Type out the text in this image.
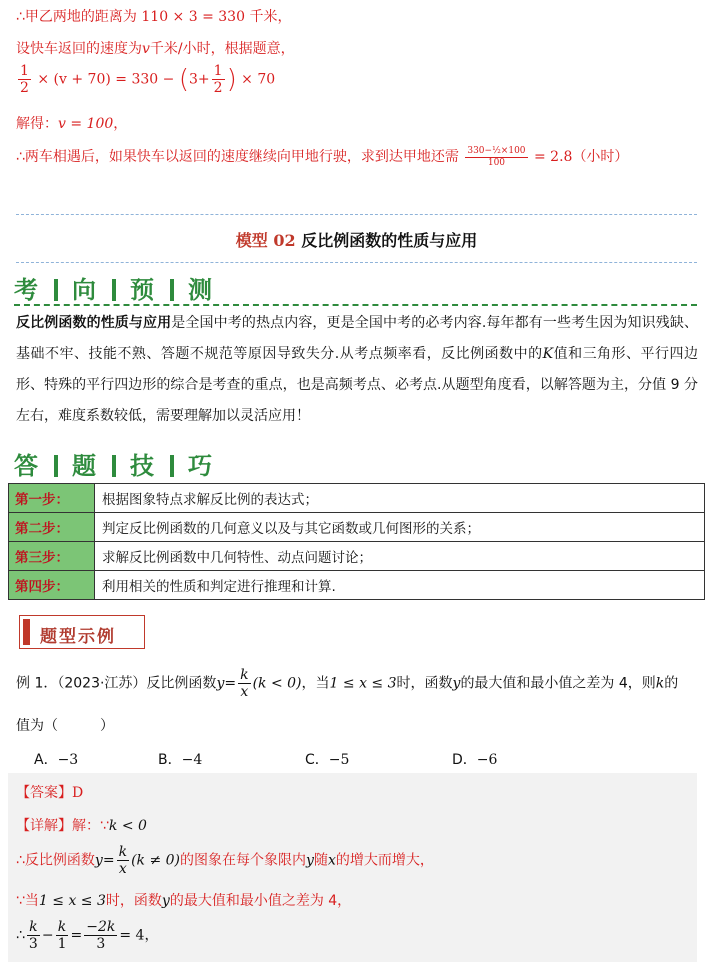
∴甲乙两地的距离为 110 × 3 = 330 千米，
设快车返回的速度为v千米/小时，根据题意，
$\frac{1}{2} \times (v + 70) = 330 - (3+ \frac{1}{2}$ ) × 70
解得：v = 100，
∴两车相遇后，如果快车以返回的速度继续向甲地行驶，求到达甲地还需 $\frac{\text{330−½×100}}{100} = 2.8$（小时）
模型 02 反比例函数的性质与应用
考 向 预 测
反比例函数的性质与应用是全国中考的热点内容，更是全国中考的必考内容.每年都有一些考生因为知识残缺、基础不牢、技能不熟、答题不规范等原因导致失分.从考点频率看，反比例函数中的K值和三角形、平行四边形、特殊的平行四边形的综合是考查的重点，也是高频考点、必考点.从题型角度看，以解答题为主，分值 9 分左右，难度系数较低，需要理解加以灵活应用！
答 题 技 巧
第一步：	根据图象特点求解反比例的表达式；
第二步：	判定反比例函数的几何意义以及与其它函数或几何图形的关系；
第三步：	求解反比例函数中几何特性、动点问题讨论；
第四步：	利用相关的性质和判定进行推理和计算.
题型示例
例 1．（2023·江苏）反比例函数$y= \frac{k}{x} (k < 0)$，当1 ≤ x ≤ 3时，函数y的最大值和最小值之差为 4，则k的
值为（　　　）
A．−3	B．−4	C．−5	D．−6
【答案】D
【详解】解：∵k < 0
∴反比例函数$y= \frac{k}{x} (k \ne 0)$的图象在每个象限内y随x的增大而增大，
∵当1 ≤ x ≤ 3时，函数y的最大值和最小值之差为 4，
∴ $\frac{k}{3} - \frac{k}{1} = \frac{-2k}{3} = 4$，
